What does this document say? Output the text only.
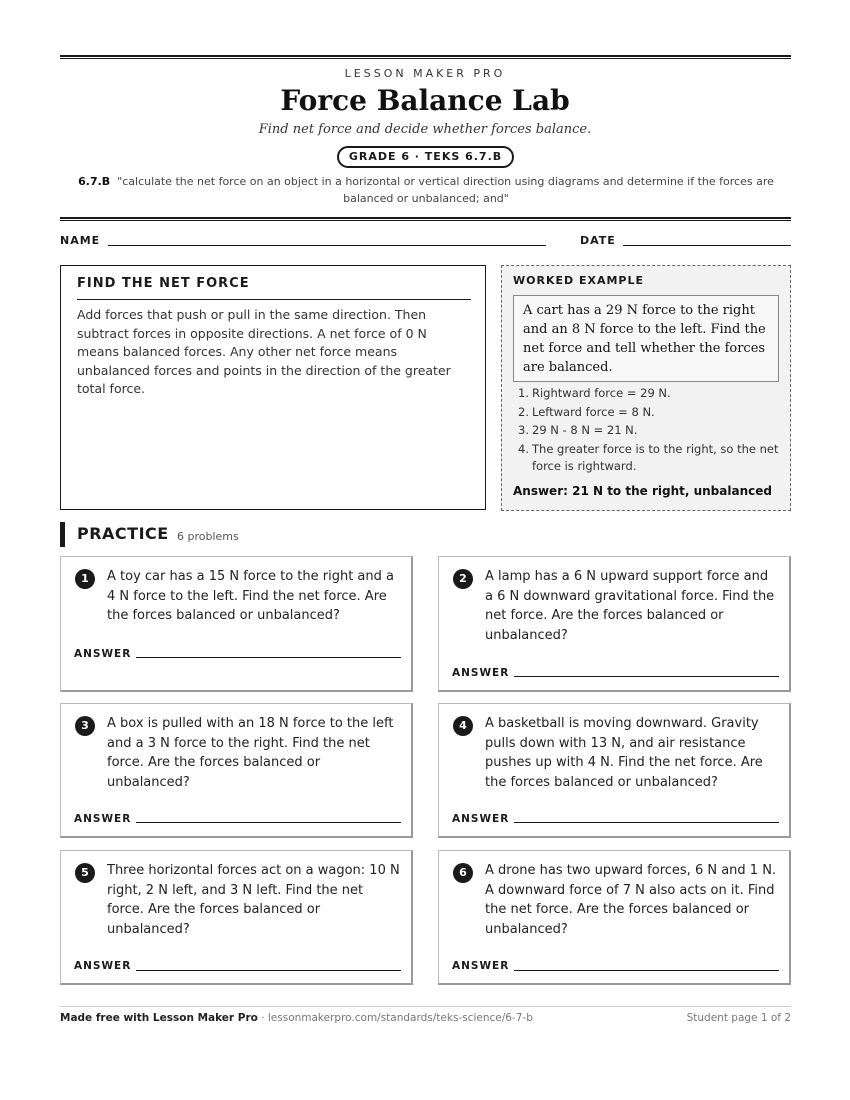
LESSON MAKER PRO
Force Balance Lab
Find net force and decide whether forces balance.
GRADE 6 · TEKS 6.7.B
6.7.B "calculate the net force on an object in a horizontal or vertical direction using diagrams and determine if the forces are balanced or unbalanced; and"
NAME	DATE
FIND THE NET FORCE

Add forces that push or pull in the same direction. Then subtract forces in opposite directions. A net force of 0 N means balanced forces. Any other net force means unbalanced forces and points in the direction of the greater total force.

WORKED EXAMPLE
A cart has a 29 N force to the right and an 8 N force to the left. Find the net force and tell whether the forces are balanced.
1. Rightward force = 29 N.
2. Leftward force = 8 N.
3. 29 N - 8 N = 21 N.
4. The greater force is to the right, so the net force is rightward.
Answer: 21 N to the right, unbalanced
PRACTICE 6 problems
1	A toy car has a 15 N force to the right and a 4 N force to the left. Find the net force. Are the forces balanced or unbalanced?
ANSWER
2	A lamp has a 6 N upward support force and a 6 N downward gravitational force. Find the net force. Are the forces balanced or unbalanced?
ANSWER
3	A box is pulled with an 18 N force to the left and a 3 N force to the right. Find the net force. Are the forces balanced or unbalanced?
ANSWER
4	A basketball is moving downward. Gravity pulls down with 13 N, and air resistance pushes up with 4 N. Find the net force. Are the forces balanced or unbalanced?
ANSWER
5	Three horizontal forces act on a wagon: 10 N right, 2 N left, and 3 N left. Find the net force. Are the forces balanced or unbalanced?
ANSWER
6	A drone has two upward forces, 6 N and 1 N. A downward force of 7 N also acts on it. Find the net force. Are the forces balanced or unbalanced?
ANSWER
Made free with Lesson Maker Pro · lessonmakerpro.com/standards/teks-science/6-7-b	Student page 1 of 2
